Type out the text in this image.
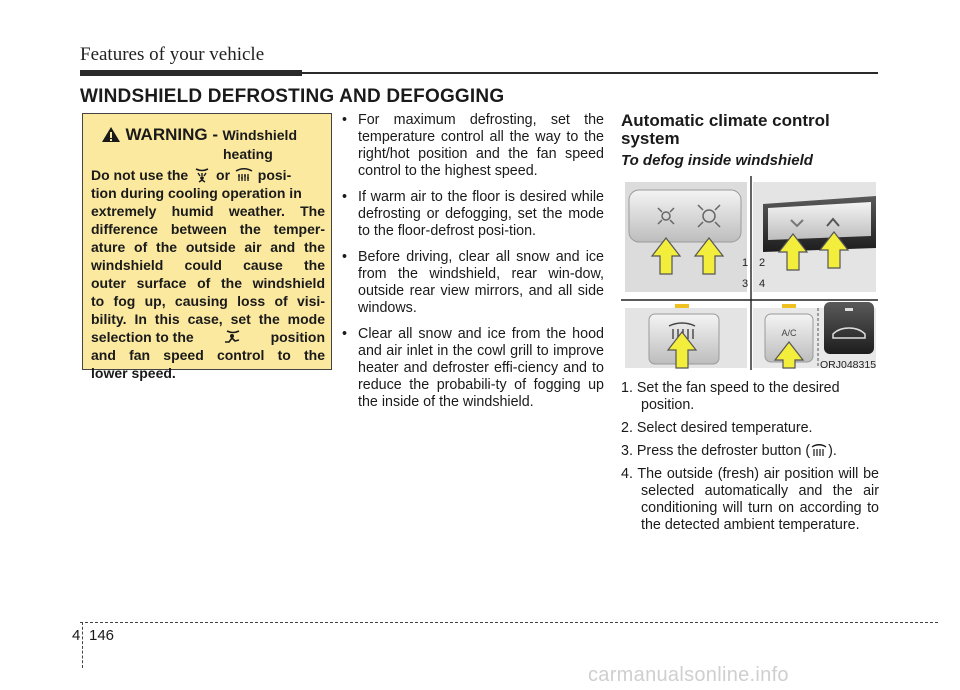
Features of your vehicle
WINDSHIELD DEFROSTING AND DEFOGGING
WARNING - Windshield
heating
Do not use the or posi-
tion during cooling operation in
extremely humid weather. The
difference between the temper-
ature of the outside air and the
windshield could cause the
outer surface of the windshield
to fog up, causing loss of visi-
bility. In this case, set the mode
selection to the	position
and fan speed control to the
lower speed.
• For maximum defrosting, set the temperature control all the way to the right/hot position and the fan speed control to the highest speed.
• If warm air to the floor is desired while defrosting or defogging, set the mode to the floor-defrost posi-tion.
• Before driving, clear all snow and ice from the windshield, rear win-dow, outside rear view mirrors, and all side windows.
• Clear all snow and ice from the hood and air inlet in the cowl grill to improve heater and defroster effi-ciency and to reduce the probabili-ty of fogging up the inside of the windshield.
Automatic climate control
system
To defog inside windshield
A/C
1 2
3 4
ORJ048315
1. Set the fan speed to the desired position.
2. Select desired temperature.
3. Press the defroster button ( ).
4. The outside (fresh) air position will be selected automatically and the air conditioning will turn on according to the detected ambient temperature.
4 146
carmanualsonline.info
